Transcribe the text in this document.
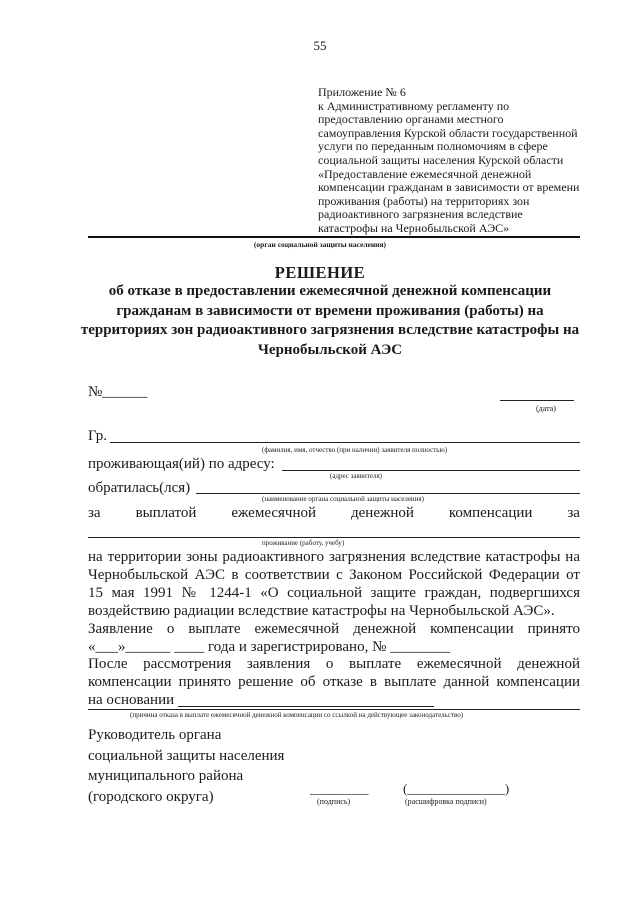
55
Приложение № 6
к Административному регламенту по
предоставлению органами местного
самоуправления Курской области государственной
услуги по переданным полномочиям в сфере
социальной защиты населения Курской области
«Предоставление ежемесячной денежной
компенсации гражданам в зависимости от времени
проживания (работы) на территориях зон
радиоактивного загрязнения вследствие
катастрофы на Чернобыльской АЭС»
(орган социальной защиты населения)
РЕШЕНИЕ
об отказе в предоставлении ежемесячной денежной компенсации гражданам в зависимости от времени проживания (работы) на территориях зон радиоактивного загрязнения вследствие катастрофы на Чернобыльской АЭС
№______
(дата)
Гр.
(фамилия, имя, отчество (при наличии) заявителя полностью)
проживающая(ий) по адресу:
(адрес заявителя)
обратилась(лся)
(наименование органа социальной защиты населения)
за выплатой ежемесячной денежной компенсации за
проживание (работу, учебу)
на территории зоны радиоактивного загрязнения вследствие катастрофы на
Чернобыльской АЭС в соответствии с Законом Российской Федерации от
15 мая 1991 № 1244-1 «О социальной защите граждан, подвергшихся
воздействию радиации вследствие катастрофы на Чернобыльской АЭС».
Заявление о выплате ежемесячной денежной компенсации принято
«___»______ ____ года и зарегистрировано, № ________
После рассмотрения заявления о выплате ежемесячной денежной
компенсации принято решение об отказе в выплате данной компенсации
на основании
(причина отказа в выплате ежемесячной денежной компенсации со ссылкой на действующее законодательство)
Руководитель органа
социальной защиты населения
муниципального района
(городского округа)	_________	(_______________)
(подпись)	(расшифровка подписи)
